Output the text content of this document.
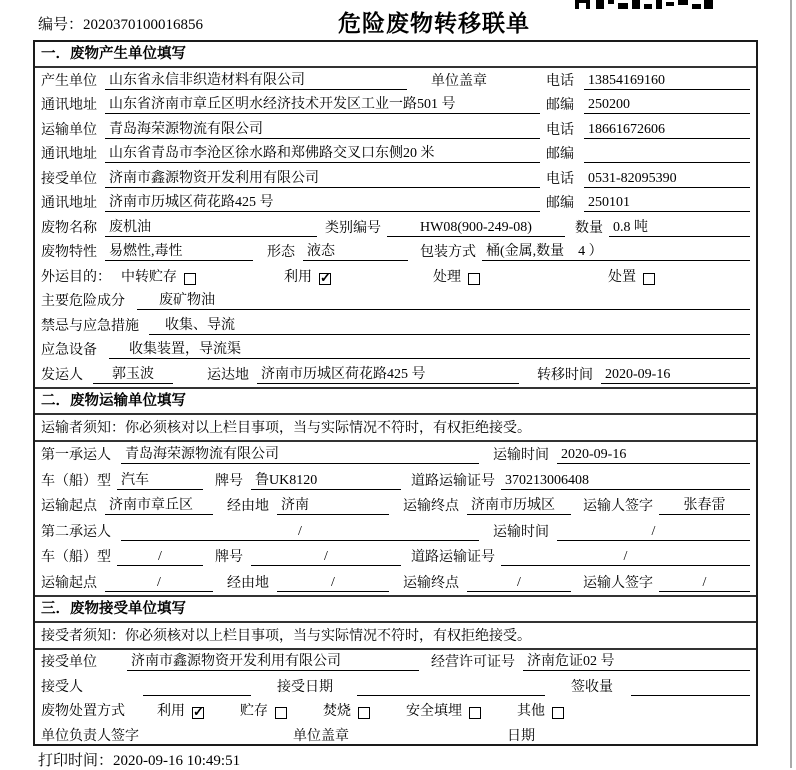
编号：2020370100016856	危险废物转移联单
一．废物产生单位填写
产生单位 山东省永信非织造材料有限公司	单位盖章	电话	13854169160
通讯地址 山东省济南市章丘区明水经济技术开发区工业一路501 号	邮编	250200
运输单位 青岛海荣源物流有限公司	电话	18661672606
通讯地址 山东省青岛市李沧区徐水路和郑佛路交叉口东侧20 米	邮编
接受单位 济南市鑫源物资开发利用有限公司	电话	0531-82095390
通讯地址 济南市历城区荷花路425 号	邮编	250101
废物名称 废机油	类别编号	HW08(900-249-08)	数量 0.8 吨
废物特性 易燃性,毒性	形态 液态	包装方式 桶(金属,数量　4 ）
外运目的： 中转贮存	利用 ✓	处理	处置
主要危险成分	废矿物油
禁忌与应急措施	收集、导流
应急设备	收集装置，导流渠
发运人	郭玉波	运达地 济南市历城区荷花路425 号	转移时间 2020-09-16
二．废物运输单位填写
运输者须知： 你必须核对以上栏目事项，当与实际情况不符时，有权拒绝接受。
第一承运人 青岛海荣源物流有限公司	运输时间 2020-09-16
车（船）型 汽车	牌号 鲁UK8120	道路运输证号 370213006408
运输起点 济南市章丘区	经由地 济南	运输终点 济南市历城区	运输人签字	张春雷
第二承运人	/	运输时间	/
车（船）型	/	牌号	/	道路运输证号	/
运输起点	/	经由地	/	运输终点	/	运输人签字	/
三．废物接受单位填写
接受者须知： 你必须核对以上栏目事项，当与实际情况不符时，有权拒绝接受。
接受单位 济南市鑫源物资开发利用有限公司	经营许可证号 济南危证02 号
接受人	接受日期	签收量
废物处置方式 利用 ✓	贮存	焚烧	安全填埋	其他
单位负责人签字	单位盖章	日期
打印时间：2020-09-16 10:49:51
